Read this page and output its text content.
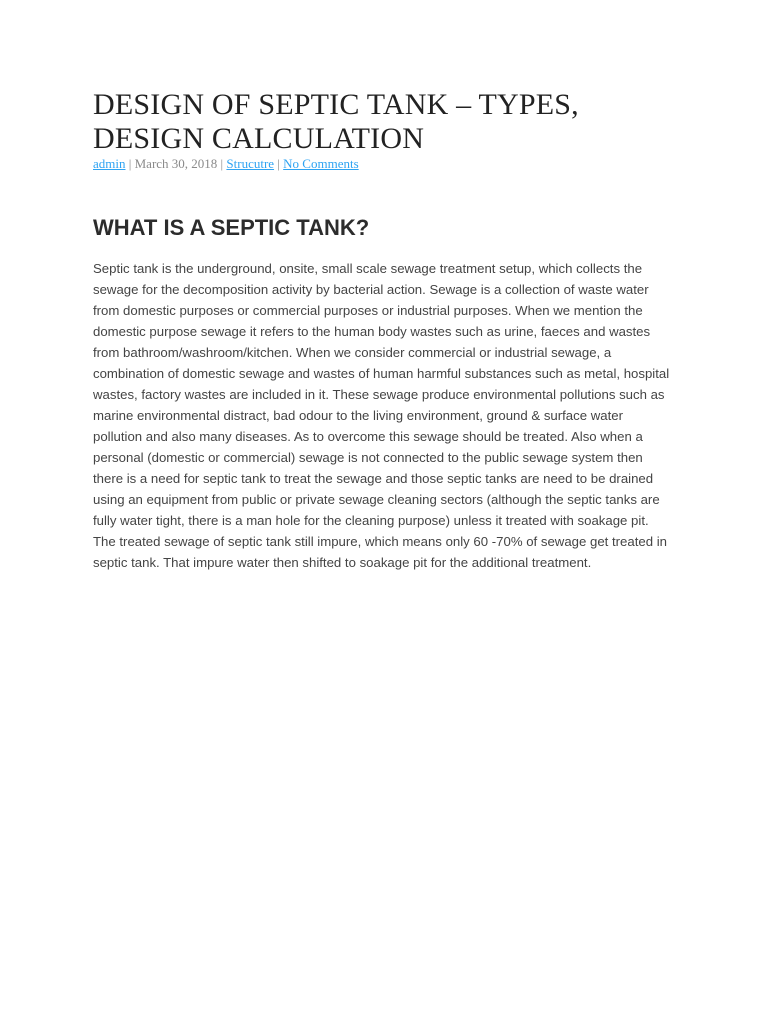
DESIGN OF SEPTIC TANK – TYPES, DESIGN CALCULATION
admin | March 30, 2018 | Strucutre | No Comments
WHAT IS A SEPTIC TANK?

Septic tank is the underground, onsite, small scale sewage treatment setup, which collects the sewage for the decomposition activity by bacterial action. Sewage is a collection of waste water from domestic purposes or commercial purposes or industrial purposes. When we mention the domestic purpose sewage it refers to the human body wastes such as urine, faeces and wastes from bathroom/washroom/kitchen. When we consider commercial or industrial sewage, a combination of domestic sewage and wastes of human harmful substances such as metal, hospital wastes, factory wastes are included in it. These sewage produce environmental pollutions such as marine environmental distract, bad odour to the living environment, ground & surface water pollution and also many diseases. As to overcome this sewage should be treated. Also when a personal (domestic or commercial) sewage is not connected to the public sewage system then there is a need for septic tank to treat the sewage and those septic tanks are need to be drained using an equipment from public or private sewage cleaning sectors (although the septic tanks are fully water tight, there is a man hole for the cleaning purpose) unless it treated with soakage pit. The treated sewage of septic tank still impure, which means only 60 -70% of sewage get treated in septic tank. That impure water then shifted to soakage pit for the additional treatment.
